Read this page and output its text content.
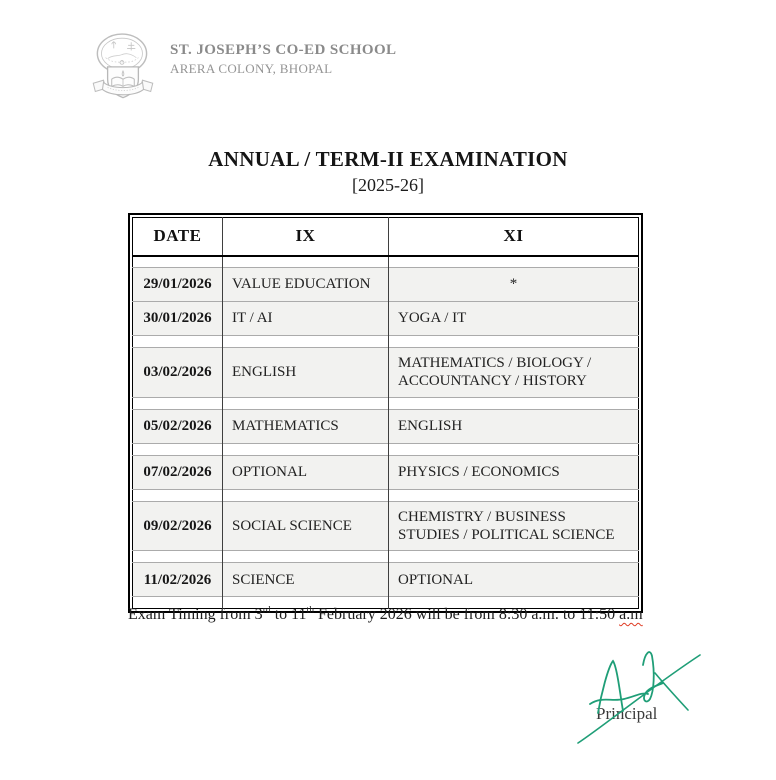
ST. JOSEPH’S CO-ED SCHOOL
ARERA COLONY, BHOPAL
ANNUAL / TERM-II EXAMINATION
[2025-26]
DATE	IX	XI

29/01/2026	VALUE EDUCATION	*
30/01/2026	IT / AI	YOGA / IT

03/02/2026	ENGLISH	MATHEMATICS / BIOLOGY / ACCOUNTANCY / HISTORY

05/02/2026	MATHEMATICS	ENGLISH

07/02/2026	OPTIONAL	PHYSICS / ECONOMICS

09/02/2026	SOCIAL SCIENCE	CHEMISTRY / BUSINESS STUDIES / POLITICAL SCIENCE

11/02/2026	SCIENCE	OPTIONAL

Exam Timing from 3rd to 11th February 2026 will be from 8:30 a.m. to 11:50 a.m
Principal
